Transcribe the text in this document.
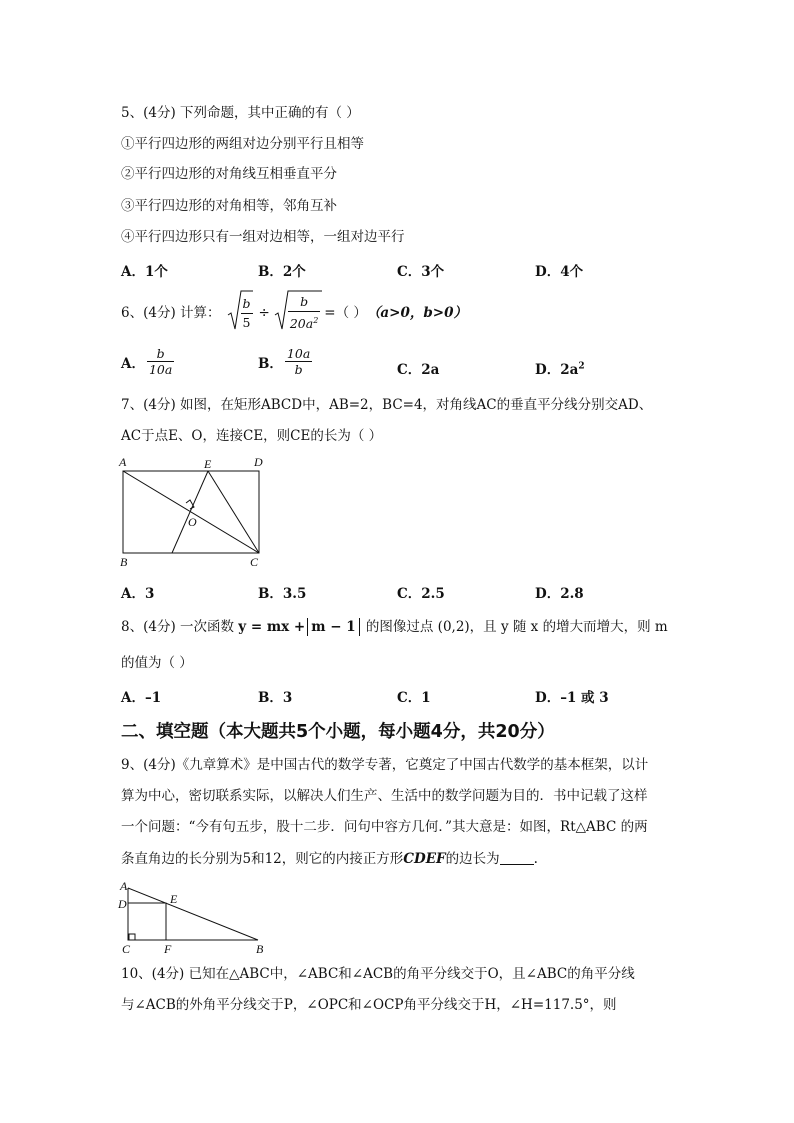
5、(4分) 下列命题，其中正确的有（ ）
①平行四边形的两组对边分别平行且相等
②平行四边形的对角线互相垂直平分
③平行四边形的对角相等，邻角互补
④平行四边形只有一组对边相等，一组对边平行
A．1个	B．2个	C．3个	D．4个
6、(4分) 计算： $\frac{b}{5} \div \frac{b}{20a^2}$ =（ ） （a>0，b>0）
A． $\frac{b}{10a}$	B． $\frac{10a}{b}$	C．2a	D．$2a^2$
7、(4分) 如图，在矩形ABCD中，AB=2，BC=4，对角线AC的垂直平分线分别交AD、
AC于点E、O，连接CE，则CE的长为（ ）
A	E	D
O
B	C
A．3	B．3.5	C．2.5	D．2.8
8、(4分) 一次函数 y = mx + m − 1 的图像过点 (0,2)，且 y 随 x 的增大而增大，则 m
的值为（ ）
A．–1	B．3	C．1	D．–1 或 3
二、填空题（本大题共5个小题，每小题4分，共20分）
9、(4分)《九章算术》是中国古代的数学专著，它奠定了中国古代数学的基本框架，以计
算为中心，密切联系实际，以解决人们生产、生活中的数学问题为目的．书中记载了这样
一个问题：“今有句五步，股十二步．问句中容方几何．”其大意是：如图，Rt△ABC 的两
条直角边的长分别为5和12，则它的内接正方形CDEF的边长为	.
A
D	E
C	F	B
10、(4分) 已知在△ABC中，∠ABC和∠ACB的角平分线交于O，且∠ABC的角平分线
与∠ACB的外角平分线交于P，∠OPC和∠OCP角平分线交于H，∠H=117.5°，则
